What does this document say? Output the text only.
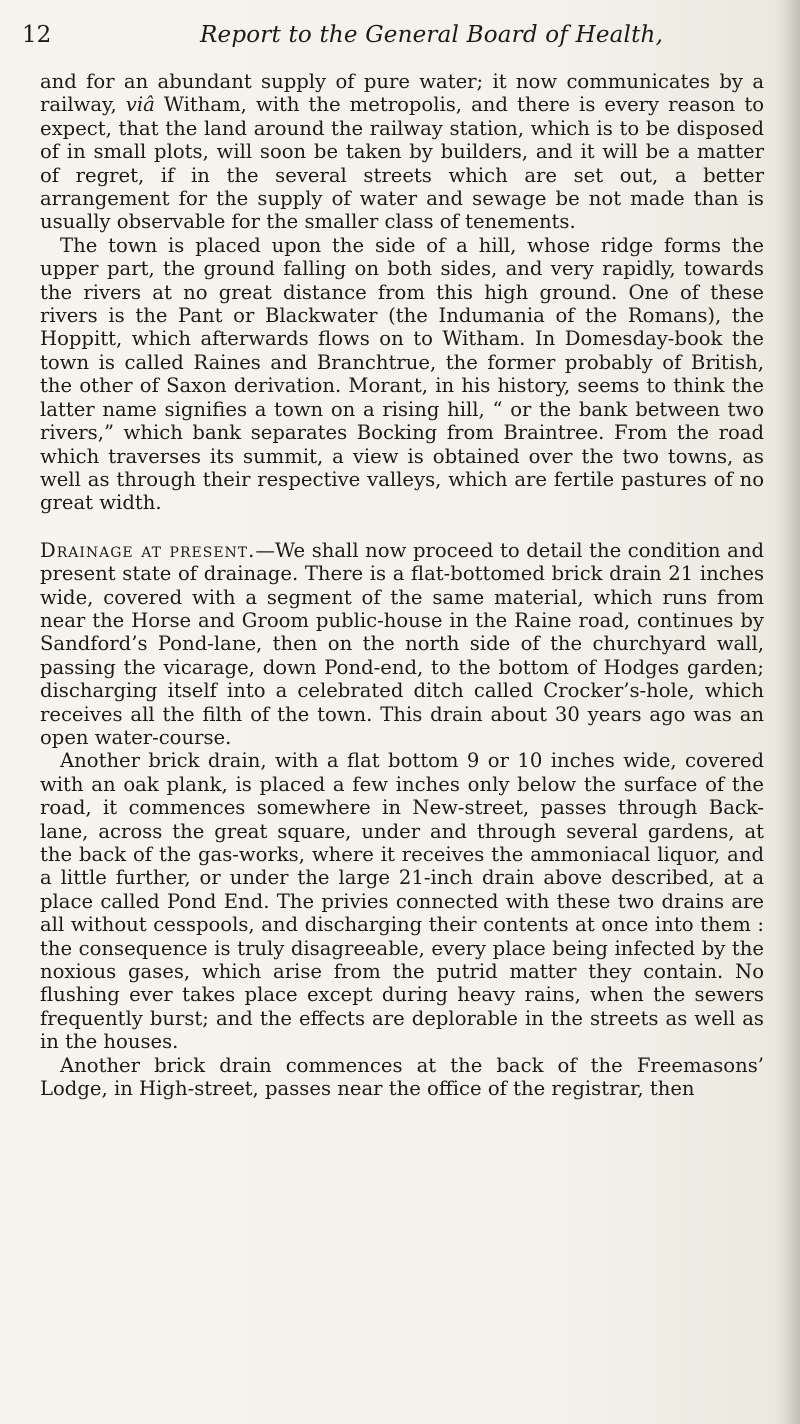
12	Report to the General Board of Health,

and for an abundant supply of pure water; it now communicates by a railway, viâ Witham, with the metropolis, and there is every reason to expect, that the land around the railway station, which is to be disposed of in small plots, will soon be taken by builders, and it will be a matter of regret, if in the several streets which are set out, a better arrangement for the supply of water and sewage be not made than is usually observable for the smaller class of tenements.

The town is placed upon the side of a hill, whose ridge forms the upper part, the ground falling on both sides, and very rapidly, towards the rivers at no great distance from this high ground. One of these rivers is the Pant or Blackwater (the Indumania of the Romans), the Hoppitt, which afterwards flows on to Witham. In Domesday-book the town is called Raines and Branchtrue, the former probably of British, the other of Saxon derivation. Morant, in his history, seems to think the latter name signifies a town on a rising hill, “ or the bank between two rivers,” which bank separates Bocking from Braintree. From the road which traverses its summit, a view is obtained over the two towns, as well as through their respective valleys, which are fertile pastures of no great width.

Drainage at present.—We shall now proceed to detail the condition and present state of drainage. There is a flat-bottomed brick drain 21 inches wide, covered with a segment of the same material, which runs from near the Horse and Groom public-house in the Raine road, continues by Sandford’s Pond-lane, then on the north side of the churchyard wall, passing the vicarage, down Pond-end, to the bottom of Hodges garden; discharging itself into a celebrated ditch called Crocker’s-hole, which receives all the filth of the town. This drain about 30 years ago was an open water-course.

Another brick drain, with a flat bottom 9 or 10 inches wide, covered with an oak plank, is placed a few inches only below the surface of the road, it commences somewhere in New-street, passes through Back-lane, across the great square, under and through several gardens, at the back of the gas-works, where it receives the ammoniacal liquor, and a little further, or under the large 21-inch drain above described, at a place called Pond End. The privies connected with these two drains are all without cesspools, and discharging their contents at once into them : the consequence is truly disagreeable, every place being infected by the noxious gases, which arise from the putrid matter they contain. No flushing ever takes place except during heavy rains, when the sewers frequently burst; and the effects are deplorable in the streets as well as in the houses.

Another brick drain commences at the back of the Freemasons’ Lodge, in High-street, passes near the office of the registrar, then
